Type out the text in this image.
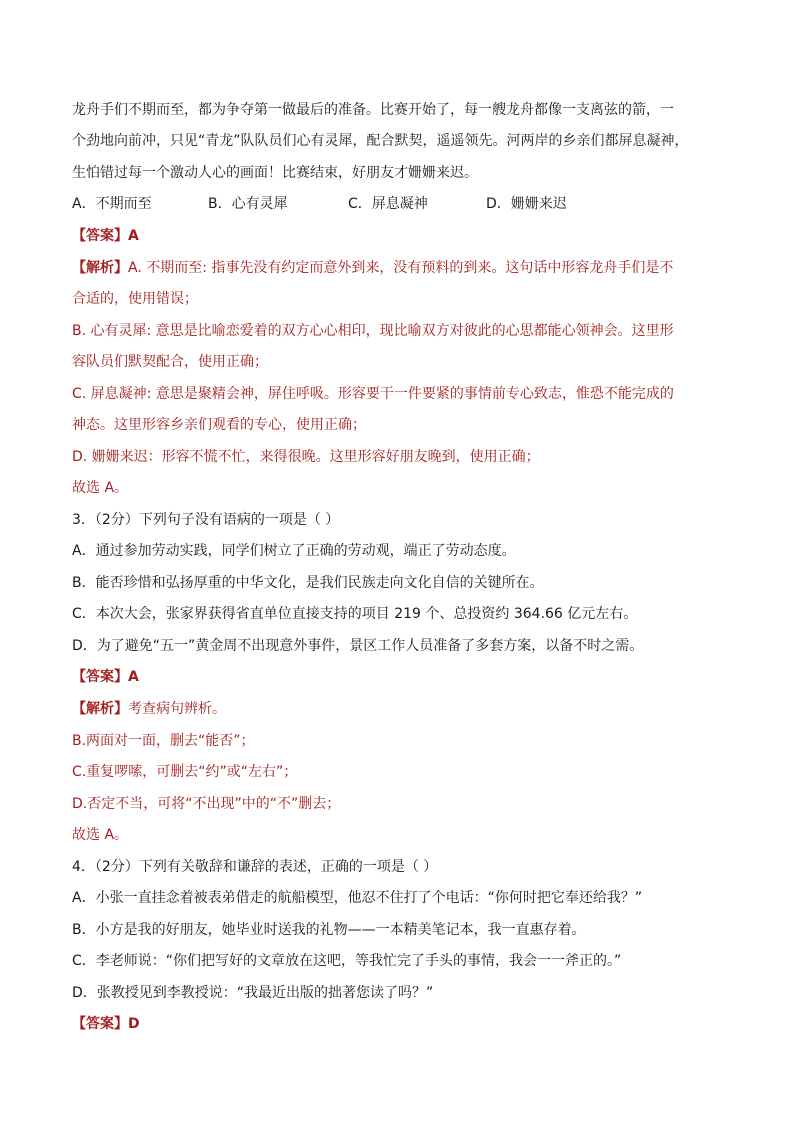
龙舟手们不期而至，都为争夺第一做最后的准备。比赛开始了，每一艘龙舟都像一支离弦的箭，一
个劲地向前冲，只见“青龙”队队员们心有灵犀，配合默契，遥遥领先。河两岸的乡亲们都屏息凝神，
生怕错过每一个激动人心的画面！比赛结束，好朋友才姗姗来迟。
A．不期而至	B．心有灵犀	C．屏息凝神	D．姗姗来迟
【答案】A
【解析】A. 不期而至: 指事先没有约定而意外到来，没有预料的到来。这句话中形容龙舟手们是不
合适的，使用错误；
B. 心有灵犀: 意思是比喻恋爱着的双方心心相印，现比喻双方对彼此的心思都能心领神会。这里形
容队员们默契配合，使用正确；
C. 屏息凝神: 意思是聚精会神，屏住呼吸。形容要干一件要紧的事情前专心致志，惟恐不能完成的
神态。这里形容乡亲们观看的专心，使用正确；
D. 姗姗来迟：形容不慌不忙，来得很晚。这里形容好朋友晚到，使用正确；
故选 A。
3．（2分）下列句子没有语病的一项是（ ）
A．通过参加劳动实践，同学们树立了正确的劳动观，端正了劳动态度。
B．能否珍惜和弘扬厚重的中华文化，是我们民族走向文化自信的关键所在。
C．本次大会，张家界获得省直单位直接支持的项目 219 个、总投资约 364.66 亿元左右。
D．为了避免“五一”黄金周不出现意外事件，景区工作人员准备了多套方案，以备不时之需。
【答案】A
【解析】考查病句辨析。
B.两面对一面，删去“能否”；
C.重复啰嗦，可删去“约”或“左右”；
D.否定不当，可将“不出现”中的“不”删去；
故选 A。
4．（2分）下列有关敬辞和谦辞的表述，正确的一项是（ ）
A．小张一直挂念着被表弟借走的航船模型，他忍不住打了个电话：“你何时把它奉还给我？”
B．小方是我的好朋友，她毕业时送我的礼物——一本精美笔记本，我一直惠存着。
C．李老师说：“你们把写好的文章放在这吧，等我忙完了手头的事情，我会一一斧正的。”
D．张教授见到李教授说：“我最近出版的拙著您读了吗？”
【答案】D
